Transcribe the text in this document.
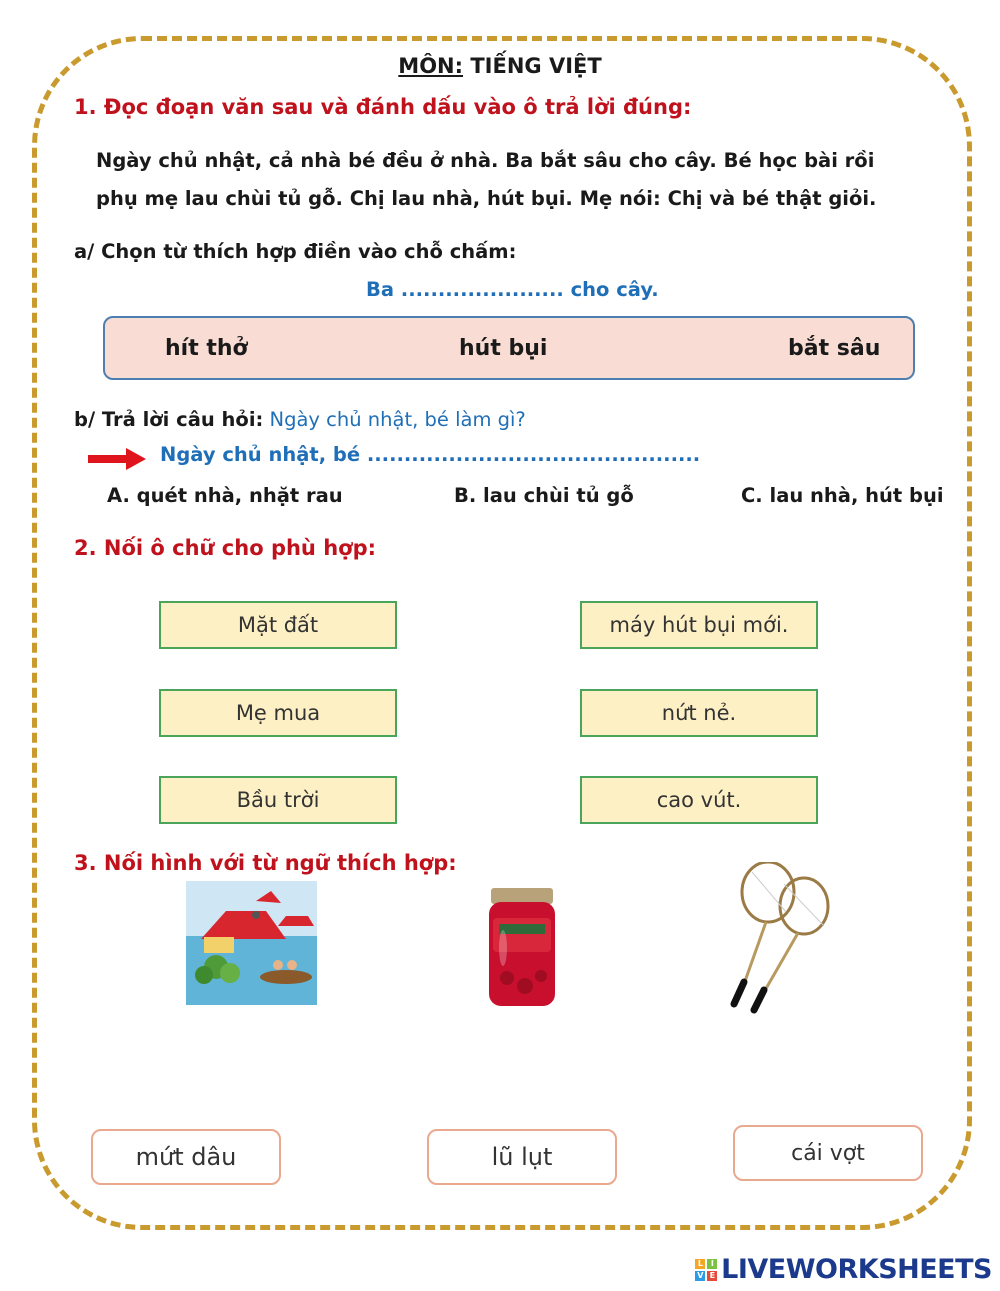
MÔN: TIẾNG VIỆT
1. Đọc đoạn văn sau và đánh dấu vào ô trả lời đúng:
Ngày chủ nhật, cả nhà bé đều ở nhà. Ba bắt sâu cho cây. Bé học bài rồi
phụ mẹ lau chùi tủ gỗ. Chị lau nhà, hút bụi. Mẹ nói: Chị và bé thật giỏi.
a/ Chọn từ thích hợp điền vào chỗ chấm:
Ba ...................... cho cây.
hít thở	hút bụi	bắt sâu
b/ Trả lời câu hỏi: Ngày chủ nhật, bé làm gì?
Ngày chủ nhật, bé .............................................
A. quét nhà, nhặt rau	B. lau chùi tủ gỗ	C. lau nhà, hút bụi
2. Nối ô chữ cho phù hợp:
Mặt đất
Mẹ mua
Bầu trời
máy hút bụi mới.
nứt nẻ.
cao vút.
3. Nối hình với từ ngữ thích hợp:
mứt dâu	lũ lụt	cái vợt
L	I
V E LIVEWORKSHEETS
